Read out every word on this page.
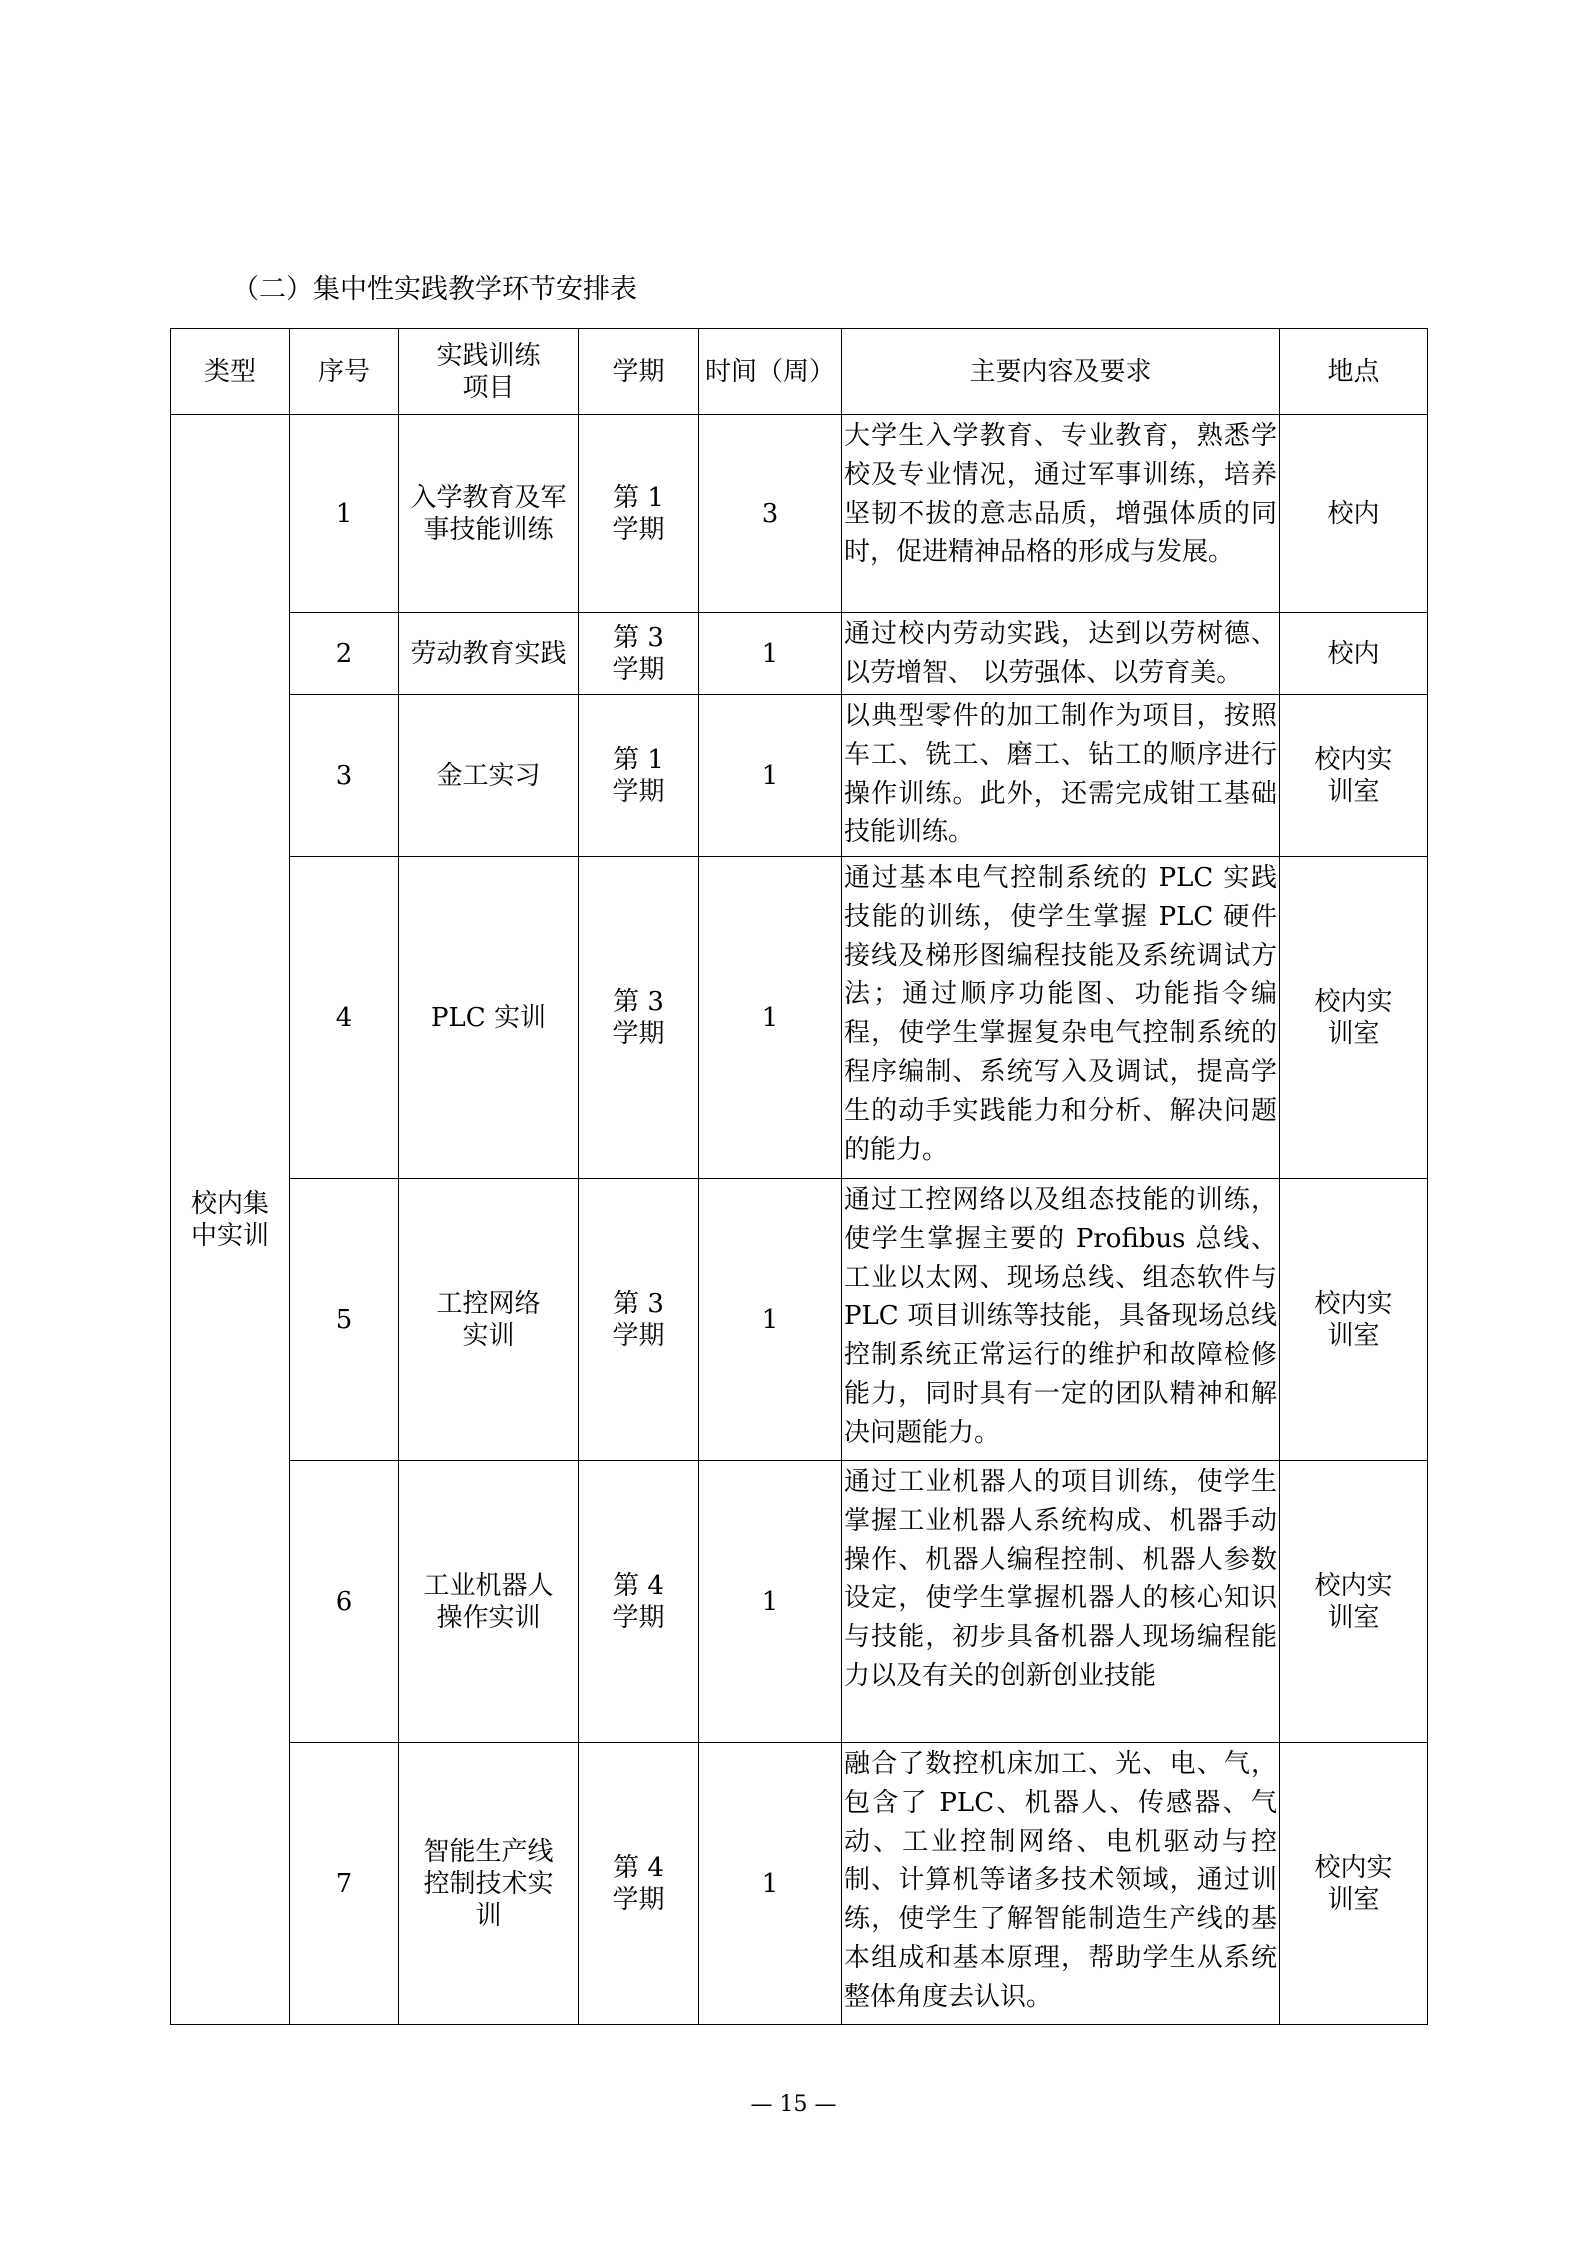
（二）集中性实践教学环节安排表
类型	序号	实践训练项目	学期	时间（周）	主要内容及要求	地点

校内集中实训	1	入学教育及军事技能训练	第 1 学期	3	大学生入学教育、专业教育，熟悉学校及专业情况，通过军事训练，培养坚韧不拔的意志品质，增强体质的同时，促进精神品格的形成与发展。	校内
	2	劳动教育实践	第 3 学期	1	通过校内劳动实践，达到以劳树德、以劳增智、 以劳强体、以劳育美。	校内
	3	金工实习	第 1 学期	1	以典型零件的加工制作为项目，按照车工、铣工、磨工、钻工的顺序进行操作训练。此外，还需完成钳工基础技能训练。	校内实训室

	4	PLC 实训	第 3 学期	1	通过基本电气控制系统的 PLC 实践技能的训练，使学生掌握 PLC 硬件接线及梯形图编程技能及系统调试方法；通过顺序功能图、功能指令编程，使学生掌握复杂电气控制系统的程序编制、系统写入及调试，提高学生的动手实践能力和分析、解决问题的能力。	校内实训室

	5	工控网络实训	第 3 学期	1	通过工控网络以及组态技能的训练，使学生掌握主要的 Profibus 总线、工业以太网、现场总线、组态软件与 PLC 项目训练等技能，具备现场总线控制系统正常运行的维护和故障检修能力，同时具有一定的团队精神和解决问题能力。	校内实训室

	6	工业机器人操作实训	第 4 学期	1	通过工业机器人的项目训练，使学生掌握工业机器人系统构成、机器手动操作、机器人编程控制、机器人参数设定，使学生掌握机器人的核心知识与技能，初步具备机器人现场编程能力以及有关的创新创业技能	校内实训室

	7	智能生产线控制技术实训	第 4 学期	1	融合了数控机床加工、光、电、气，包含了 PLC、机器人、传感器、气动、工业控制网络、电机驱动与控制、计算机等诸多技术领域，通过训练，使学生了解智能制造生产线的基本组成和基本原理，帮助学生从系统整体角度去认识。	校内实训室
— 15 —
